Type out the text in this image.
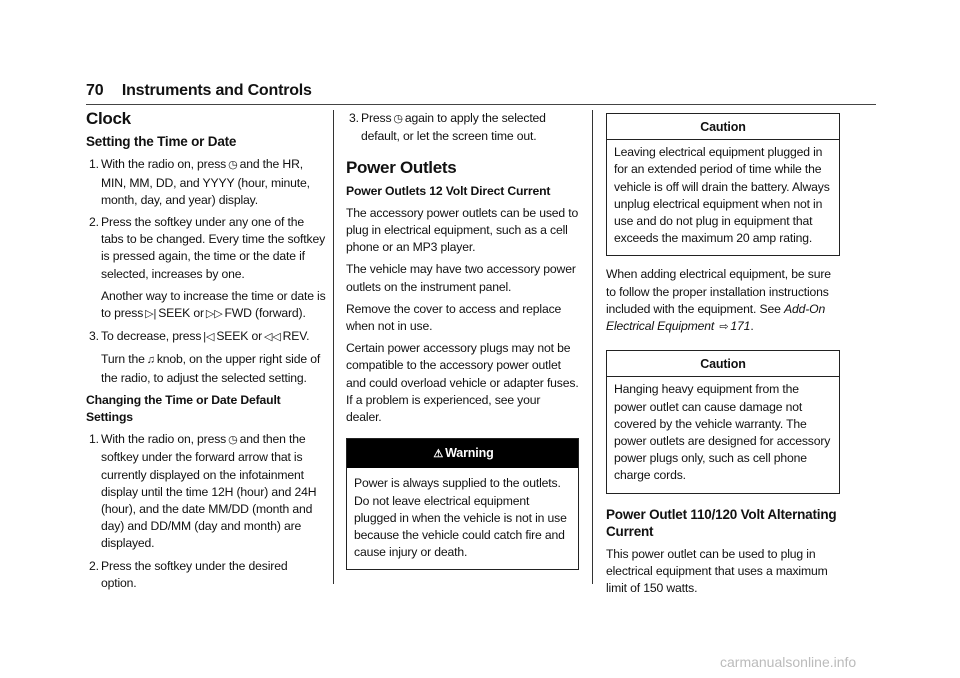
70 Instruments and Controls
Clock
Setting the Time or Date
1. With the radio on, press ◷ and the HR, MIN, MM, DD, and YYYY (hour, minute, month, day, and year) display.
2. Press the softkey under any one of the tabs to be changed. Every time the softkey is pressed again, the time or the date if selected, increases by one.

Another way to increase the time or date is to press ▷| SEEK or ▷▷ FWD (forward).

3. To decrease, press |◁ SEEK or ◁◁ REV.

Turn the ♫ knob, on the upper right side of the radio, to adjust the selected setting.

Changing the Time or Date Default Settings
1. With the radio on, press ◷ and then the softkey under the forward arrow that is currently displayed on the infotainment display until the time 12H (hour) and 24H (hour), and the date MM/DD (month and day) and DD/MM (day and month) are displayed.
2. Press the softkey under the desired option.
3. Press ◷ again to apply the selected default, or let the screen time out.
Power Outlets
Power Outlets 12 Volt Direct Current

The accessory power outlets can be used to plug in electrical equipment, such as a cell phone or an MP3 player.

The vehicle may have two accessory power outlets on the instrument panel.

Remove the cover to access and replace when not in use.

Certain power accessory plugs may not be compatible to the accessory power outlet and could overload vehicle or adapter fuses. If a problem is experienced, see your dealer.

⚠ Warning
Power is always supplied to the outlets. Do not leave electrical equipment plugged in when the vehicle is not in use because the vehicle could catch fire and cause injury or death.
Caution
Leaving electrical equipment plugged in for an extended period of time while the vehicle is off will drain the battery. Always unplug electrical equipment when not in use and do not plug in equipment that exceeds the maximum 20 amp rating.

When adding electrical equipment, be sure to follow the proper installation instructions included with the equipment. See Add-On Electrical Equipment ⇨ 171.

Caution
Hanging heavy equipment from the power outlet can cause damage not covered by the vehicle warranty. The power outlets are designed for accessory power plugs only, such as cell phone charge cords.
Power Outlet 110/120 Volt Alternating Current

This power outlet can be used to plug in electrical equipment that uses a maximum limit of 150 watts.

carmanualsonline.info
